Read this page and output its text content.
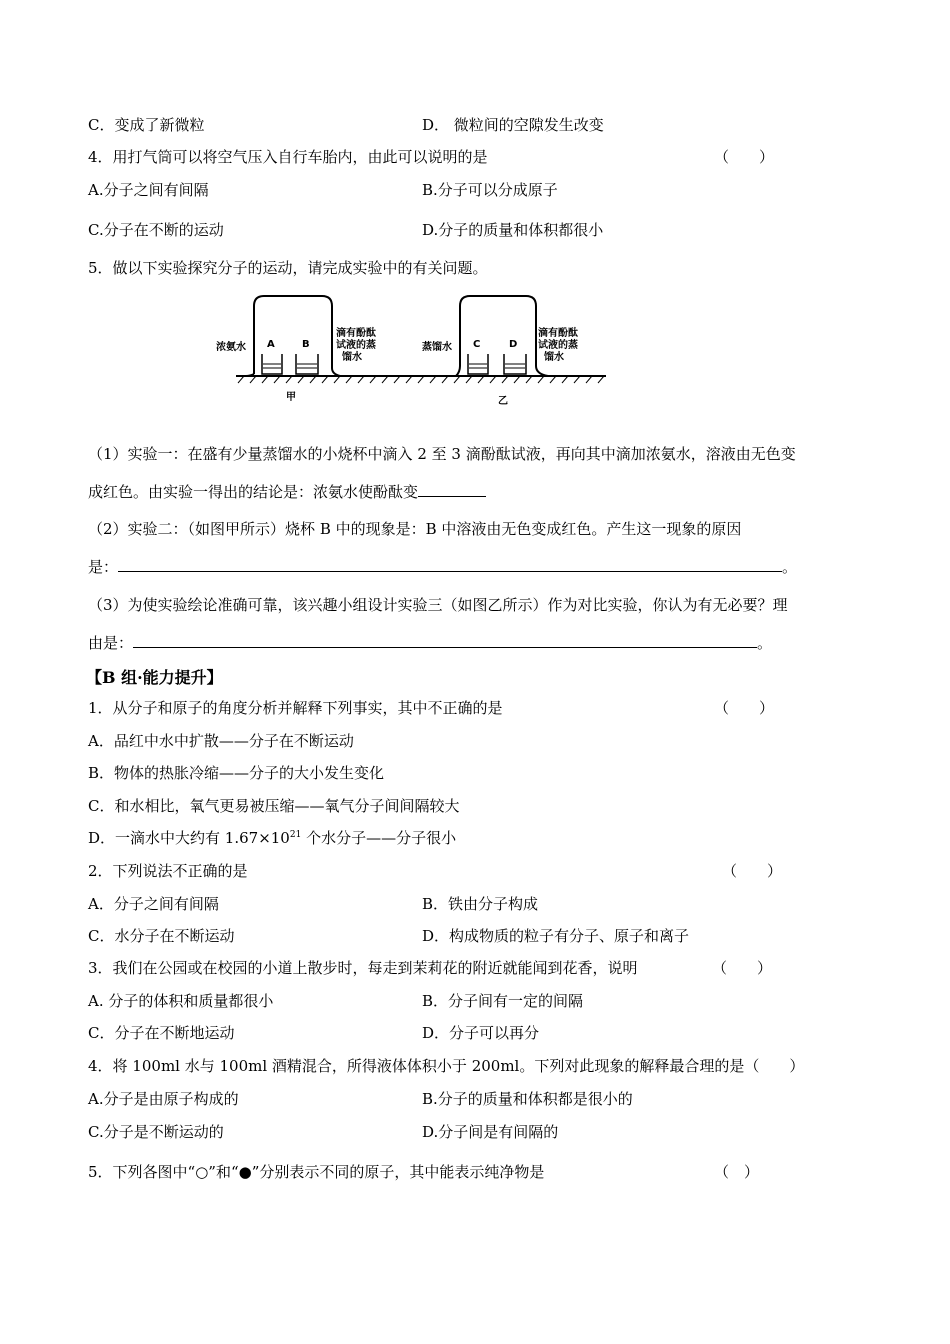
C．变成了新微粒	D． 微粒间的空隙发生改变
4．用打气筒可以将空气压入自行车胎内，由此可以说明的是	（　　）
A.分子之间有间隔	B.分子可以分成原子
C.分子在不断的运动	D.分子的质量和体积都很小
5．做以下实验探究分子的运动，请完成实验中的有关问题。
浓氨水 A	B
滴有酚酞
试液的蒸
馏水
蒸馏水 C	D
滴有酚酞
试液的蒸
馏水
甲	乙
（1）实验一：在盛有少量蒸馏水的小烧杯中滴入 2 至 3 滴酚酞试液，再向其中滴加浓氨水，溶液由无色变
成红色。由实验一得出的结论是：浓氨水使酚酞变
（2）实验二：（如图甲所示）烧杯 B 中的现象是：B 中溶液由无色变成红色。产生这一现象的原因
是：	。
（3）为使实验绘论准确可靠，该兴趣小组设计实验三（如图乙所示）作为对比实验，你认为有无必要？理
由是：	。
【B 组·能力提升】
1．从分子和原子的角度分析并解释下列事实，其中不正确的是	（　　）
A．品红中水中扩散——分子在不断运动
B．物体的热胀冷缩——分子的大小发生变化
C．和水相比，氧气更易被压缩——氧气分子间间隔较大
D．一滴水中大约有 $1.67\times 10^{21}$ 个水分子——分子很小
2．下列说法不正确的是	（　　）
A．分子之间有间隔	B．铁由分子构成
C．水分子在不断运动	D．构成物质的粒子有分子、原子和离子
3．我们在公园或在校园的小道上散步时，每走到茉莉花的附近就能闻到花香，说明	（　　）
A. 分子的体积和质量都很小	B．分子间有一定的间隔
C．分子在不断地运动	D．分子可以再分
4．将 100ml 水与 100ml 酒精混合，所得液体体积小于 200ml。下列对此现象的解释最合理的是（　　）
A.分子是由原子构成的	B.分子的质量和体积都是很小的
C.分子是不断运动的	D.分子间是有间隔的
5．下列各图中“○”和“●”分别表示不同的原子，其中能表示纯净物是	（　）
